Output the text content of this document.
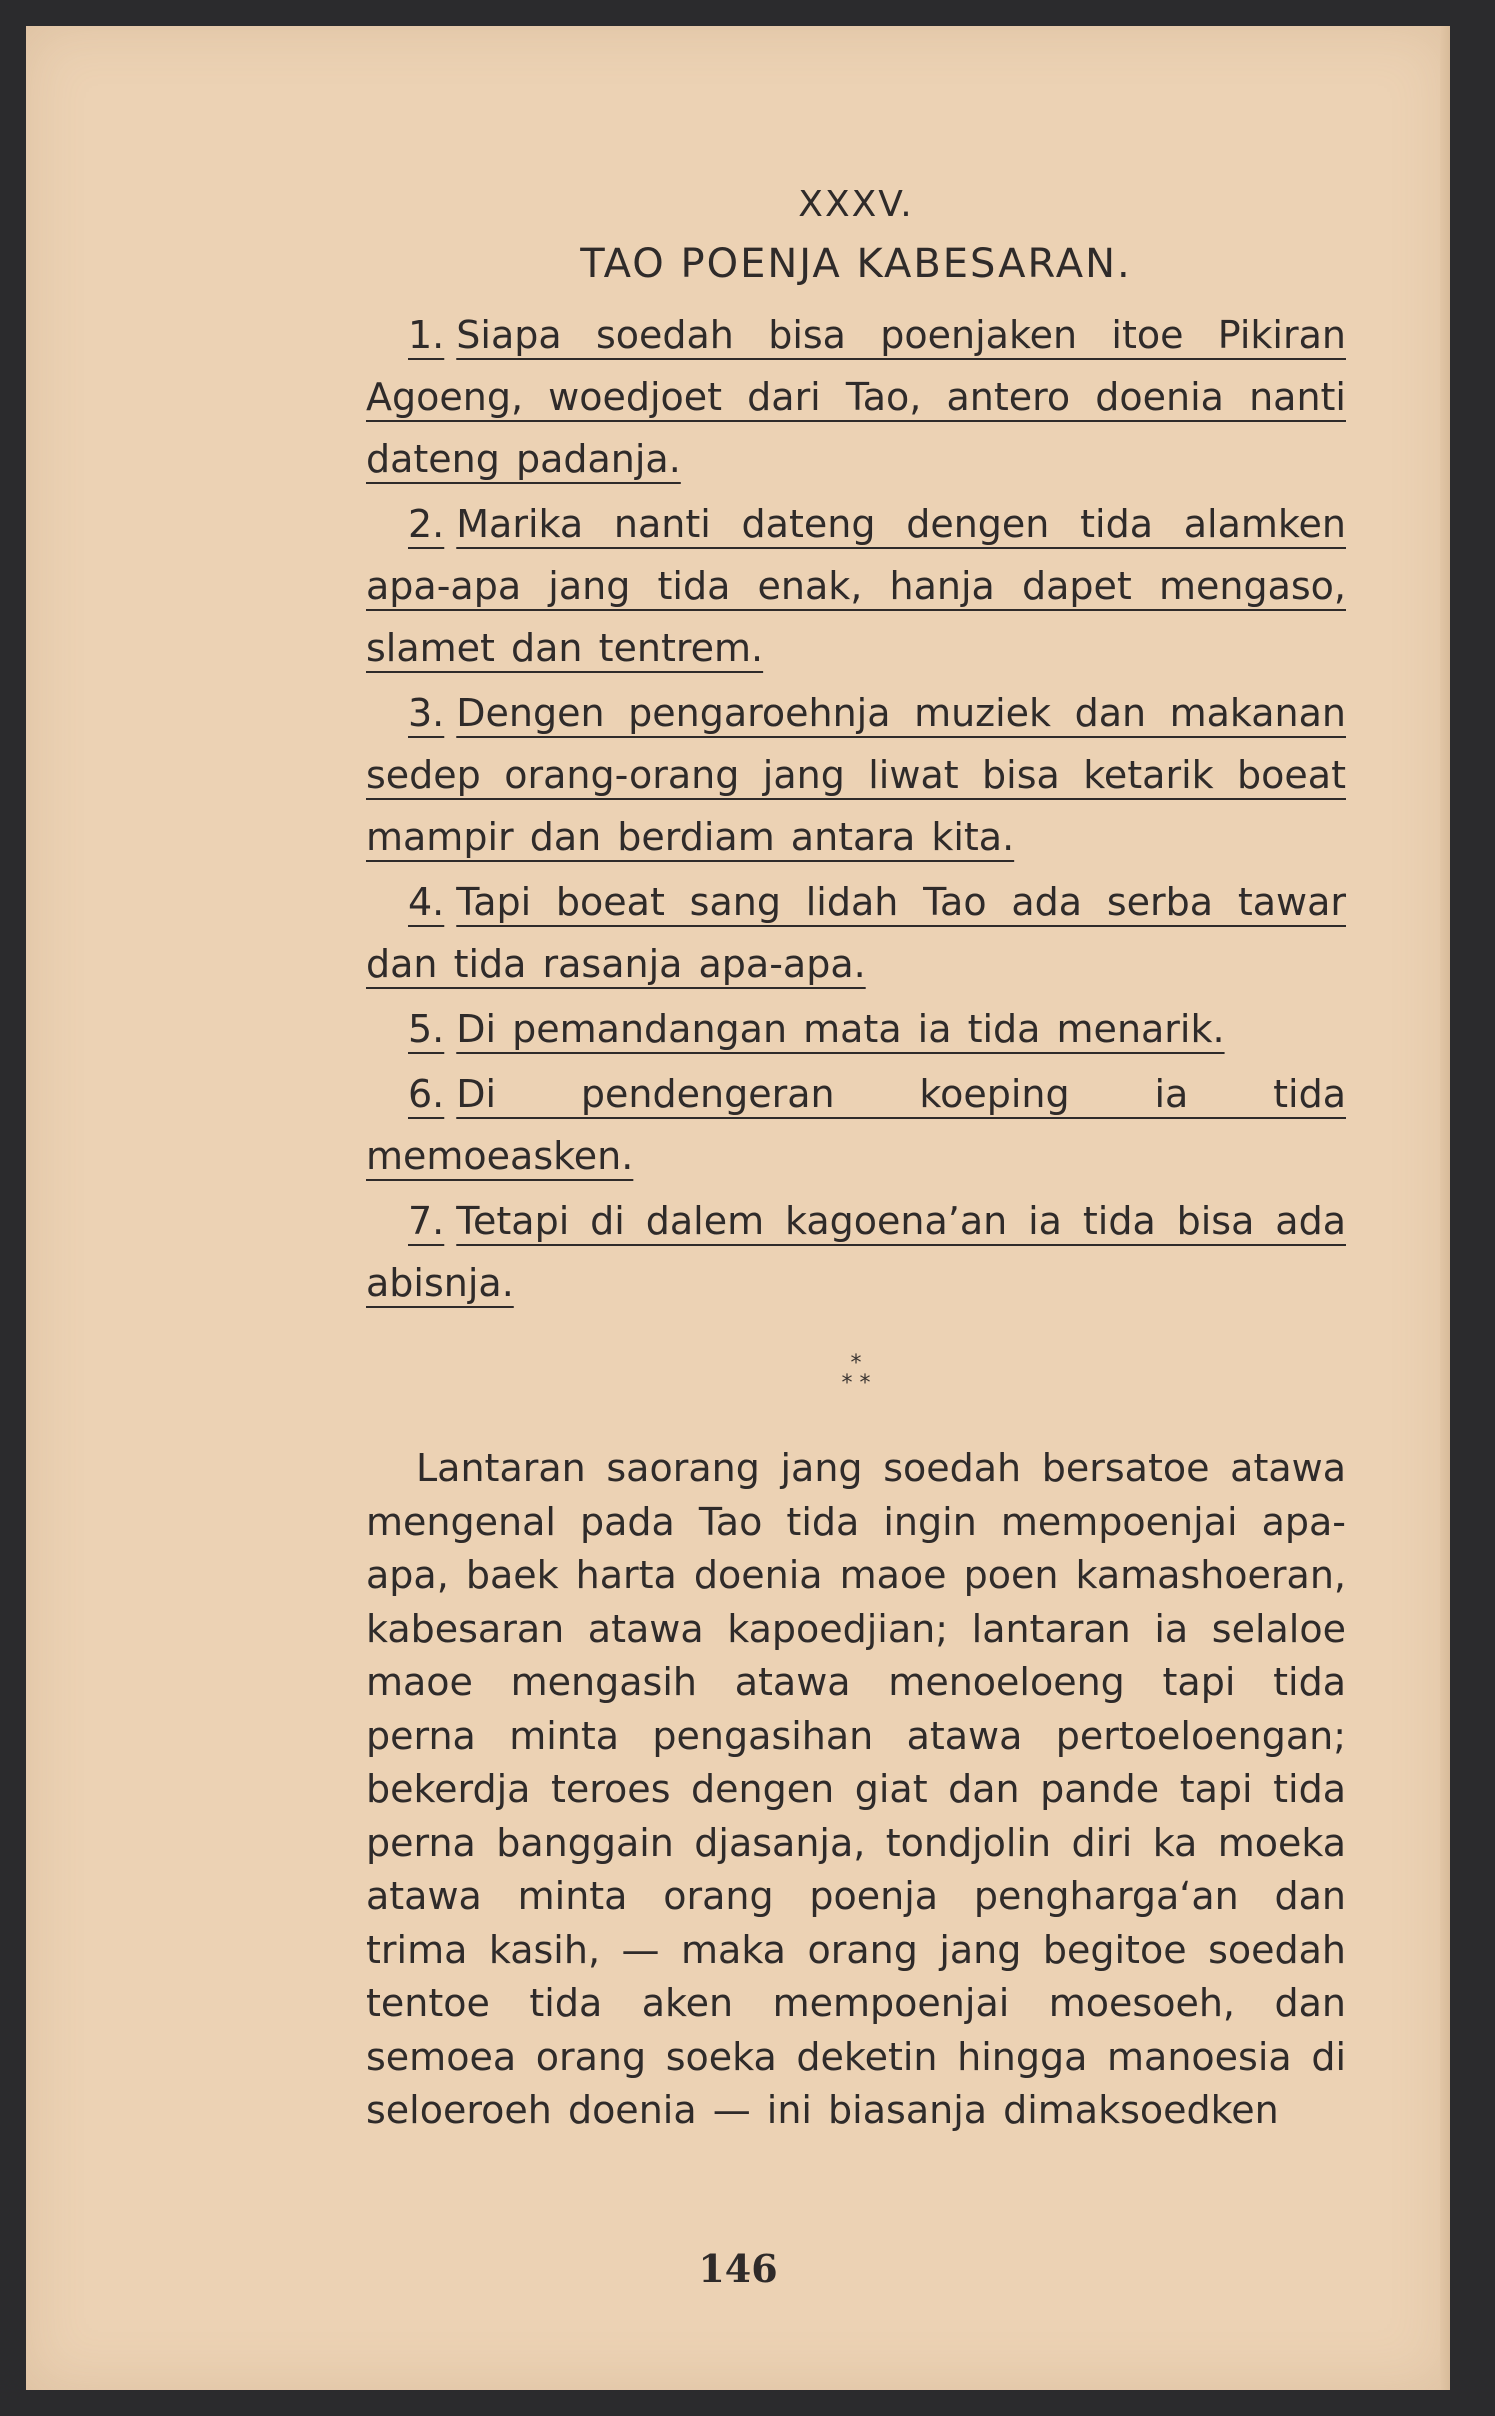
XXXV.
TAO POENJA KABESARAN.
1. Siapa soedah bisa poenjaken itoe Pikiran Agoeng, woedjoet dari Tao, antero doenia nanti dateng padanja.
2. Marika nanti dateng dengen tida alamken apa-apa jang tida enak, hanja dapet mengaso, slamet dan tentrem.
3. Dengen pengaroehnja muziek dan makanan sedep orang-orang jang liwat bisa ketarik boeat mampir dan berdiam antara kita.
4. Tapi boeat sang lidah Tao ada serba tawar dan tida rasanja apa-apa.
5. Di pemandangan mata ia tida menarik.
6. Di pendengeran koeping ia tida memoeasken.
7. Tetapi di dalem kagoena’an ia tida bisa ada abisnja.
*
* *

Lantaran saorang jang soedah bersatoe atawa mengenal pada Tao tida ingin mempoenjai apa-apa, baek harta doenia maoe poen kamashoeran, kabesaran atawa kapoedjian; lantaran ia selaloe maoe mengasih atawa menoeloeng tapi tida perna minta pengasihan atawa pertoeloengan; bekerdja teroes dengen giat dan pande tapi tida perna banggain djasanja, tondjolin diri ka moeka atawa minta orang poenja pengharga‘an dan trima kasih, — maka orang jang begitoe soedah tentoe tida aken mempoenjai moesoeh, dan semoea orang soeka deketin hingga manoesia di seloeroeh doenia — ini biasanja dimaksoedken

146
